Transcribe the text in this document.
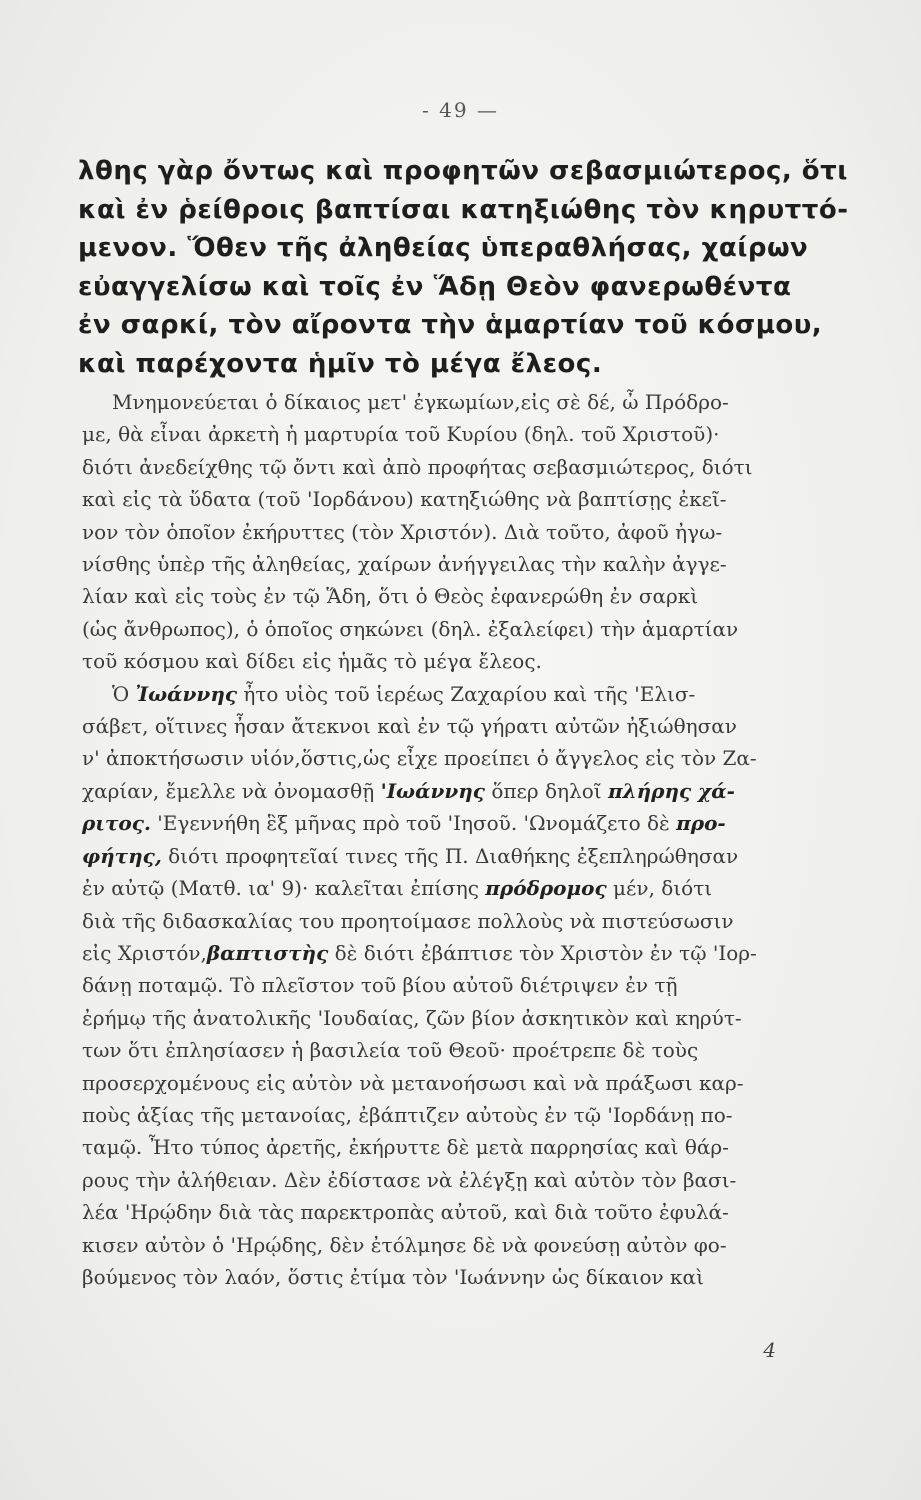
- 49 —
λθης γὰρ ὄντως καὶ προφητῶν σεβασμιώτερος, ὅτι
καὶ ἐν ῥείθροις βαπτίσαι κατηξιώθης τὸν κηρυττό-
μενον. Ὅθεν τῆς ἀληθείας ὑπεραθλήσας, χαίρων
εὐαγγελίσω καὶ τοῖς ἐν Ἅδῃ Θεὸν φανερωθέντα
ἐν σαρκί, τὸν αἴροντα τὴν ἁμαρτίαν τοῦ κόσμου,
καὶ παρέχοντα ἡμῖν τὸ μέγα ἔλεος.
Μνημονεύεται ὁ δίκαιος μετ' ἐγκωμίων,εἰς σὲ δέ, ὦ Πρόδρο-
με, θὰ εἶναι ἀρκετὴ ἡ μαρτυρία τοῦ Κυρίου (δηλ. τοῦ Χριστοῦ)·
διότι ἀνεδείχθης τῷ ὄντι καὶ ἀπὸ προφήτας σεβασμιώτερος, διότι
καὶ εἰς τὰ ὕδατα (τοῦ 'Ιορδάνου) κατηξιώθης νὰ βαπτίσῃς ἐκεῖ-
νον τὸν ὁποῖον ἐκήρυττες (τὸν Χριστόν). Διὰ τοῦτο, ἀφοῦ ἠγω-
νίσθης ὑπὲρ τῆς ἀληθείας, χαίρων ἀνήγγειλας τὴν καλὴν ἀγγε-
λίαν καὶ εἰς τοὺς ἐν τῷ Ἅδη, ὅτι ὁ Θεὸς ἐφανερώθη ἐν σαρκὶ
(ὡς ἄνθρωπος), ὁ ὁποῖος σηκώνει (δηλ. ἐξαλείφει) τὴν ἁμαρτίαν
τοῦ κόσμου καὶ δίδει εἰς ἡμᾶς τὸ μέγα ἔλεος.
Ὁ Ἰωάννης ἦτο υἱὸς τοῦ ἱερέως Ζαχαρίου καὶ τῆς 'Ελισ-
σάβετ, οἵτινες ἦσαν ἄτεκνοι καὶ ἐν τῷ γήρατι αὐτῶν ἠξιώθησαν
ν' ἀποκτήσωσιν υἱόν,ὅστις,ὡς εἶχε προείπει ὁ ἄγγελος εἰς τὸν Ζα-
χαρίαν, ἔμελλε νὰ ὀνομασθῇ 'Ιωάννης ὅπερ δηλοῖ πλήρης χά-
ριτος. 'Εγεννήθη ἓξ μῆνας πρὸ τοῦ 'Ιησοῦ. 'Ωνομάζετο δὲ προ-
φήτης, διότι προφητεῖαί τινες τῆς Π. Διαθήκης ἐξεπληρώθησαν
ἐν αὐτῷ (Ματθ. ια' 9)· καλεῖται ἐπίσης πρόδρομος μέν, διότι
διὰ τῆς διδασκαλίας του προητοίμασε πολλοὺς νὰ πιστεύσωσιν
εἰς Χριστόν,βαπτιστὴς δὲ διότι ἐβάπτισε τὸν Χριστὸν ἐν τῷ 'Ιορ-
δάνῃ ποταμῷ. Τὸ πλεῖστον τοῦ βίου αὐτοῦ διέτριψεν ἐν τῇ
ἐρήμῳ τῆς ἀνατολικῆς 'Ιουδαίας, ζῶν βίον ἀσκητικὸν καὶ κηρύτ-
των ὅτι ἐπλησίασεν ἡ βασιλεία τοῦ Θεοῦ· προέτρεπε δὲ τοὺς
προσερχομένους εἰς αὐτὸν νὰ μετανοήσωσι καὶ νὰ πράξωσι καρ-
ποὺς ἀξίας τῆς μετανοίας, ἐβάπτιζεν αὐτοὺς ἐν τῷ 'Ιορδάνῃ πο-
ταμῷ. Ἦτο τύπος ἀρετῆς, ἐκήρυττε δὲ μετὰ παρρησίας καὶ θάρ-
ρους τὴν ἀλήθειαν. Δὲν ἐδίστασε νὰ ἐλέγξῃ καὶ αὐτὸν τὸν βασι-
λέα 'Ηρῴδην διὰ τὰς παρεκτροπὰς αὐτοῦ, καὶ διὰ τοῦτο ἐφυλά-
κισεν αὐτὸν ὁ 'Ηρῴδης, δὲν ἐτόλμησε δὲ νὰ φονεύσῃ αὐτὸν φο-
βούμενος τὸν λαόν, ὅστις ἐτίμα τὸν 'Ιωάννην ὡς δίκαιον καὶ
4
